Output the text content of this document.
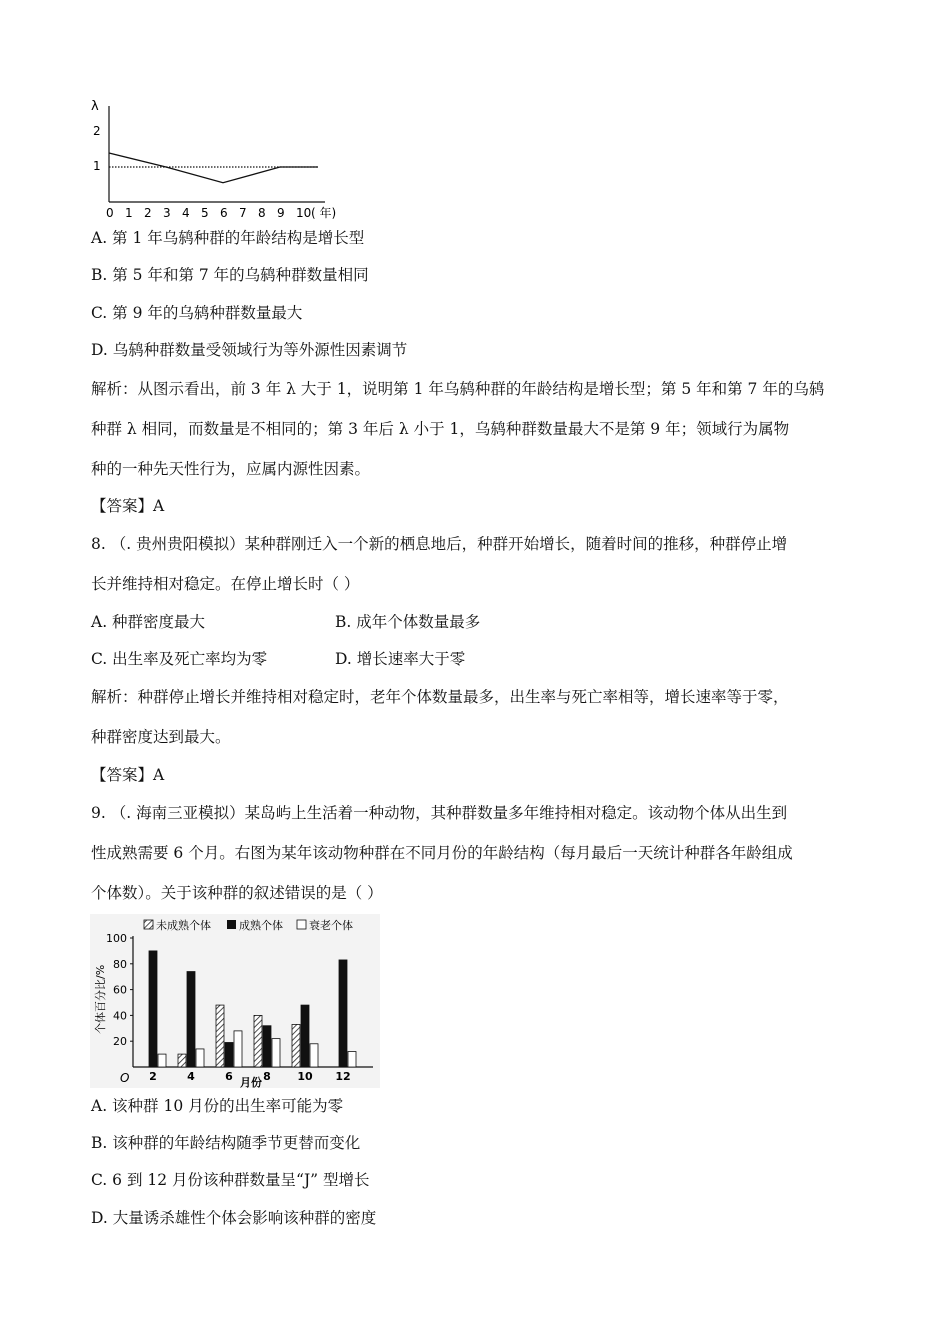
λ
2
1
0 1 2 3 4 5 6 7 8 9 10 ( 年)
A. 第 1 年乌鸫种群的年龄结构是增长型
B. 第 5 年和第 7 年的乌鸫种群数量相同
C. 第 9 年的乌鸫种群数量最大
D. 乌鸫种群数量受领域行为等外源性因素调节
解析：从图示看出，前 3 年 λ 大于 1，说明第 1 年乌鸫种群的年龄结构是增长型；第 5 年和第 7 年的乌鸫
种群 λ 相同，而数量是不相同的；第 3 年后 λ 小于 1，乌鸫种群数量最大不是第 9 年；领域行为属物
种的一种先天性行为，应属内源性因素。
【答案】A
8. （. 贵州贵阳模拟）某种群刚迁入一个新的栖息地后，种群开始增长，随着时间的推移，种群停止增
长并维持相对稳定。在停止增长时（ ）
A. 种群密度最大	B. 成年个体数量最多
C. 出生率及死亡率均为零	D. 增长速率大于零
解析：种群停止增长并维持相对稳定时，老年个体数量最多，出生率与死亡率相等，增长速率等于零，
种群密度达到最大。
【答案】A
9. （. 海南三亚模拟）某岛屿上生活着一种动物，其种群数量多年维持相对稳定。该动物个体从出生到
性成熟需要 6 个月。右图为某年该动物种群在不同月份的年龄结构（每月最后一天统计种群各年龄组成
个体数）。关于该种群的叙述错误的是（ ）
未成熟个体	成熟个体 衰老个体
100
80
60
40
20
2	4	6	8 10 12
个体百分比/%
O	月份
A. 该种群 10 月份的出生率可能为零
B. 该种群的年龄结构随季节更替而变化
C. 6 到 12 月份该种群数量呈“J” 型增长
D. 大量诱杀雄性个体会影响该种群的密度
